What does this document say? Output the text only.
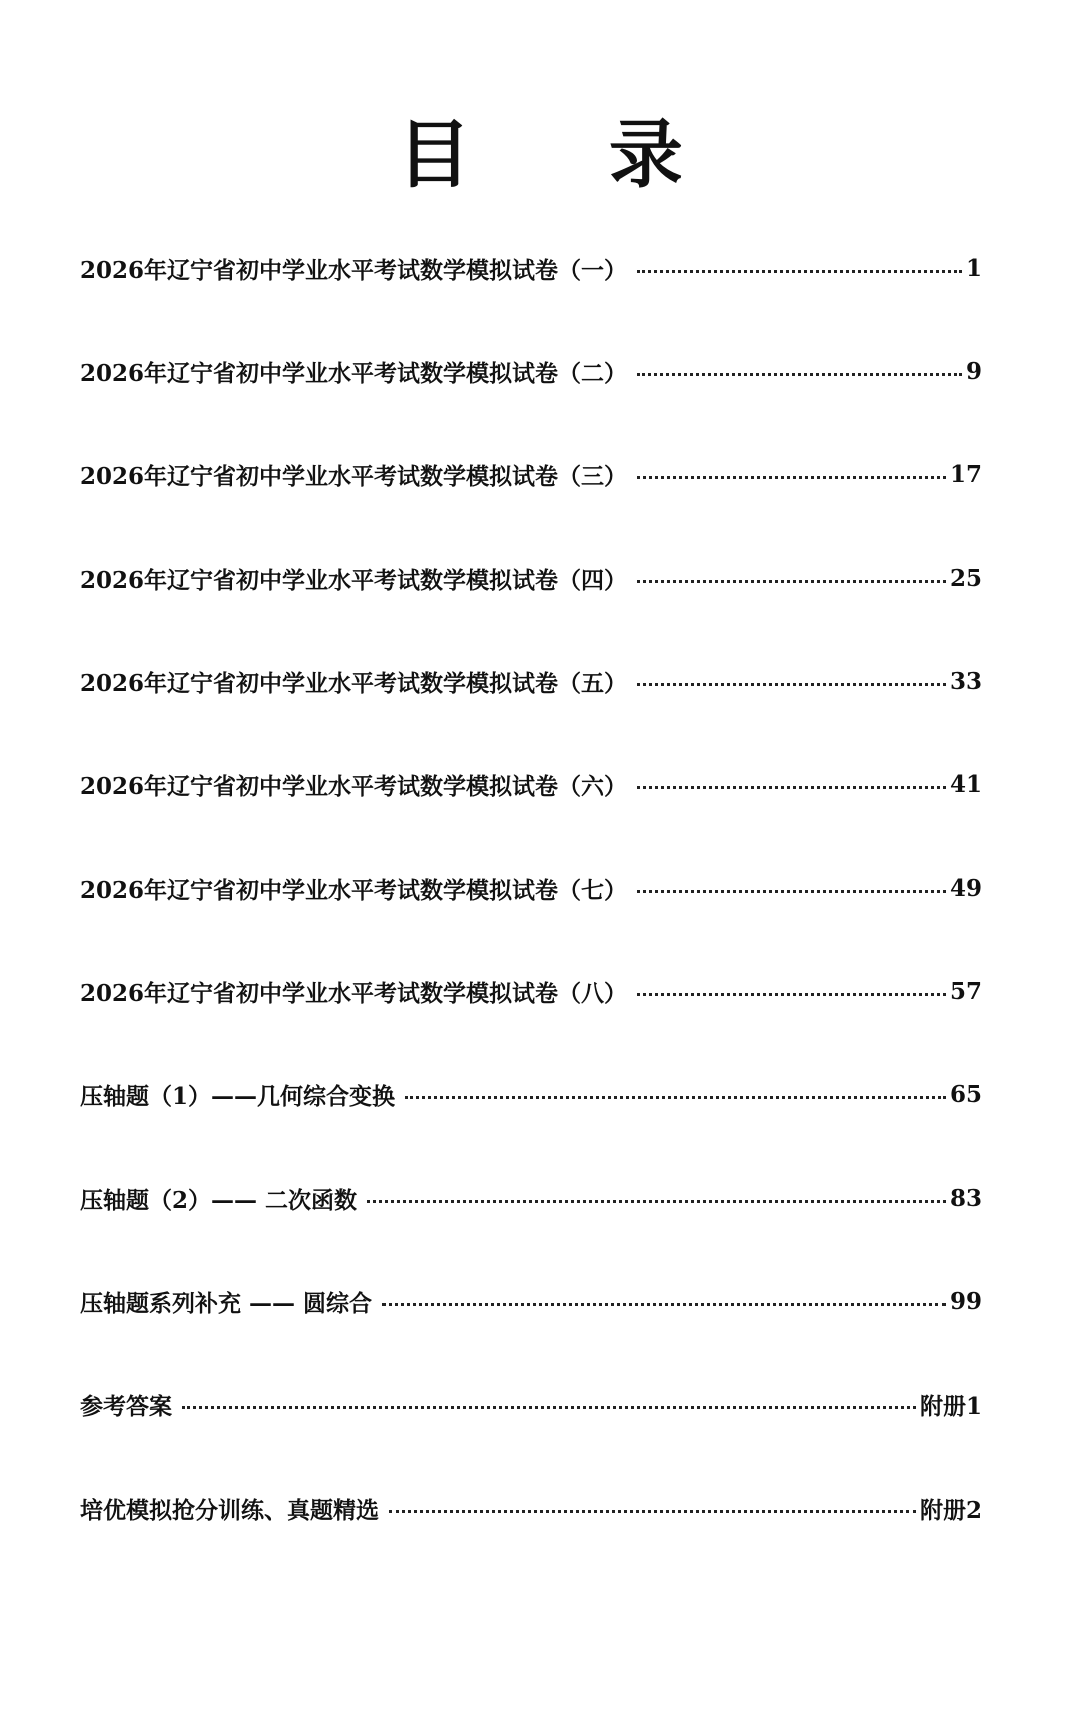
目 录
2026年辽宁省初中学业水平考试数学模拟试卷（一）	1
2026年辽宁省初中学业水平考试数学模拟试卷（二）	9
2026年辽宁省初中学业水平考试数学模拟试卷（三）	17
2026年辽宁省初中学业水平考试数学模拟试卷（四）	25
2026年辽宁省初中学业水平考试数学模拟试卷（五）	33
2026年辽宁省初中学业水平考试数学模拟试卷（六）	41
2026年辽宁省初中学业水平考试数学模拟试卷（七）	49
2026年辽宁省初中学业水平考试数学模拟试卷（八）	57
压轴题（1）——几何综合变换	65
压轴题（2）—— 二次函数	83
压轴题系列补充 —— 圆综合	99
参考答案	附册1
培优模拟抢分训练、真题精选	附册2
